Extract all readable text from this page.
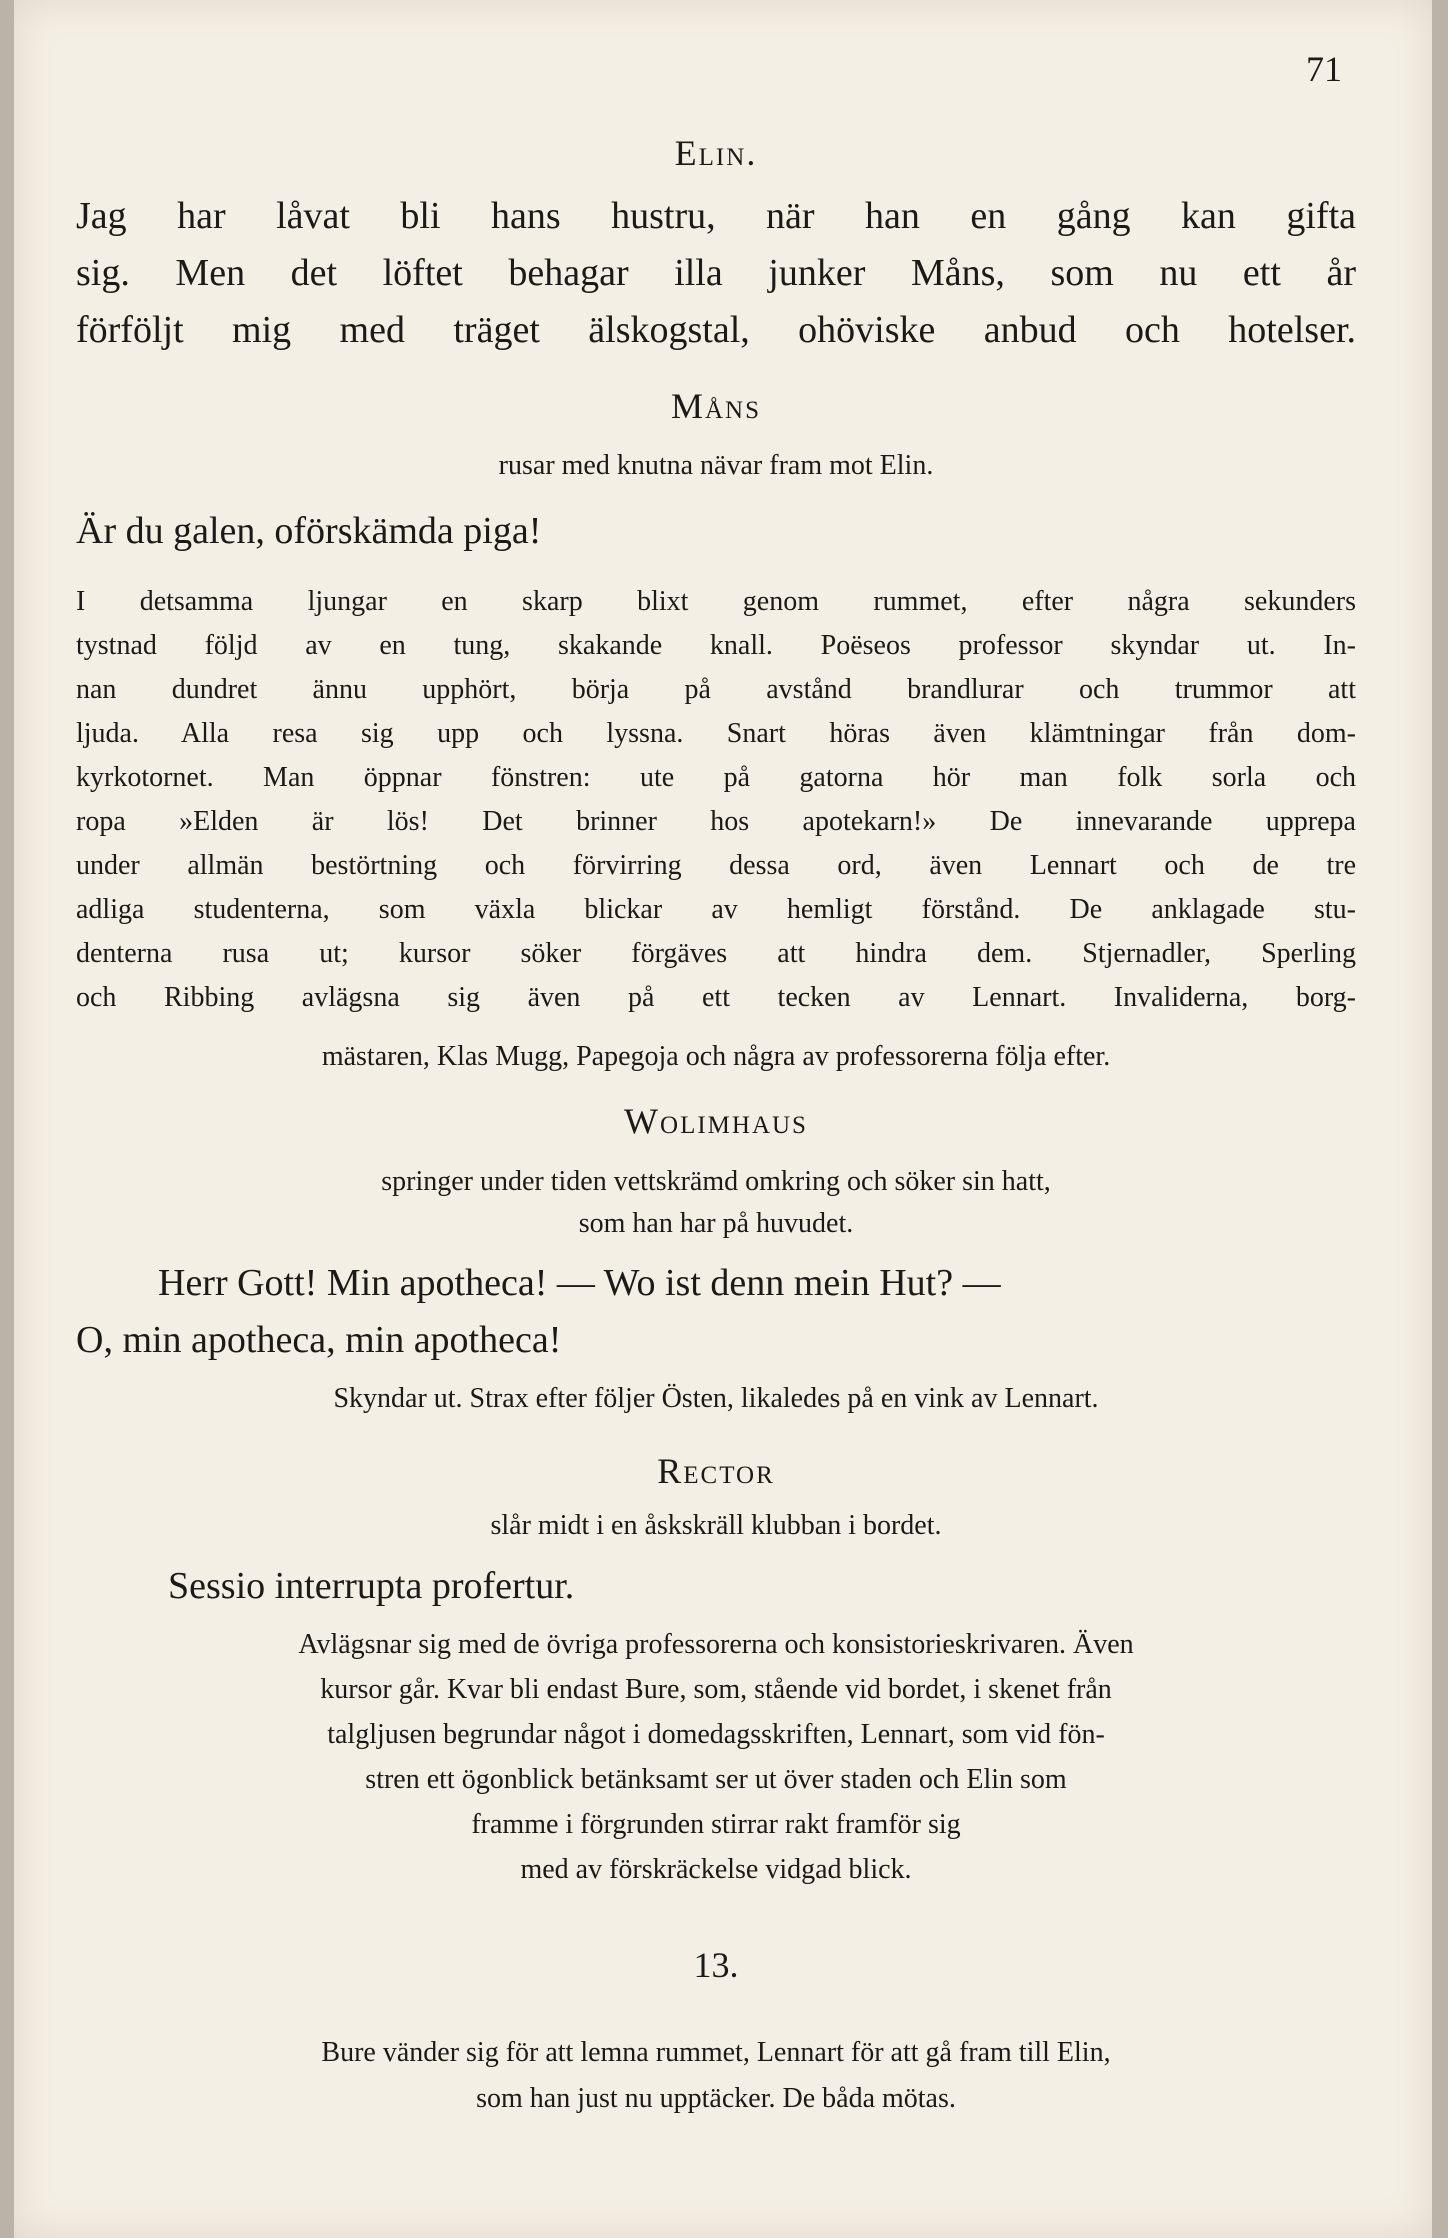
71
Elin.
Jag har låvat bli hans hustru, när han en gång kan gifta
sig. Men det löftet behagar illa junker Måns, som nu ett år
förföljt mig med träget älskogstal, ohöviske anbud och hotelser.
Måns
rusar med knutna nävar fram mot Elin.
Är du galen, oförskämda piga!
I detsamma ljungar en skarp blixt genom rummet, efter några sekunders
tystnad följd av en tung, skakande knall. Poëseos professor skyndar ut. In-
nan dundret ännu upphört, börja på avstånd brandlurar och trummor att
ljuda. Alla resa sig upp och lyssna. Snart höras även klämtningar från dom-
kyrkotornet. Man öppnar fönstren: ute på gatorna hör man folk sorla och
ropa »Elden är lös! Det brinner hos apotekarn!» De innevarande upprepa
under allmän bestörtning och förvirring dessa ord, även Lennart och de tre
adliga studenterna, som växla blickar av hemligt förstånd. De anklagade stu-
denterna rusa ut; kursor söker förgäves att hindra dem. Stjernadler, Sperling
och Ribbing avlägsna sig även på ett tecken av Lennart. Invaliderna, borg-
mästaren, Klas Mugg, Papegoja och några av professorerna följa efter.
Wolimhaus
springer under tiden vettskrämd omkring och söker sin hatt,
som han har på huvudet.
Herr Gott! Min apotheca! — Wo ist denn mein Hut? —
O, min apotheca, min apotheca!
Skyndar ut. Strax efter följer Östen, likaledes på en vink av Lennart.
Rector
slår midt i en åskskräll klubban i bordet.
Sessio interrupta profertur.
Avlägsnar sig med de övriga professorerna och konsistorieskrivaren. Även
kursor går. Kvar bli endast Bure, som, stående vid bordet, i skenet från
talgljusen begrundar något i domedagsskriften, Lennart, som vid fön-
stren ett ögonblick betänksamt ser ut över staden och Elin som
framme i förgrunden stirrar rakt framför sig
med av förskräckelse vidgad blick.
13.
Bure vänder sig för att lemna rummet, Lennart för att gå fram till Elin,
som han just nu upptäcker. De båda mötas.
